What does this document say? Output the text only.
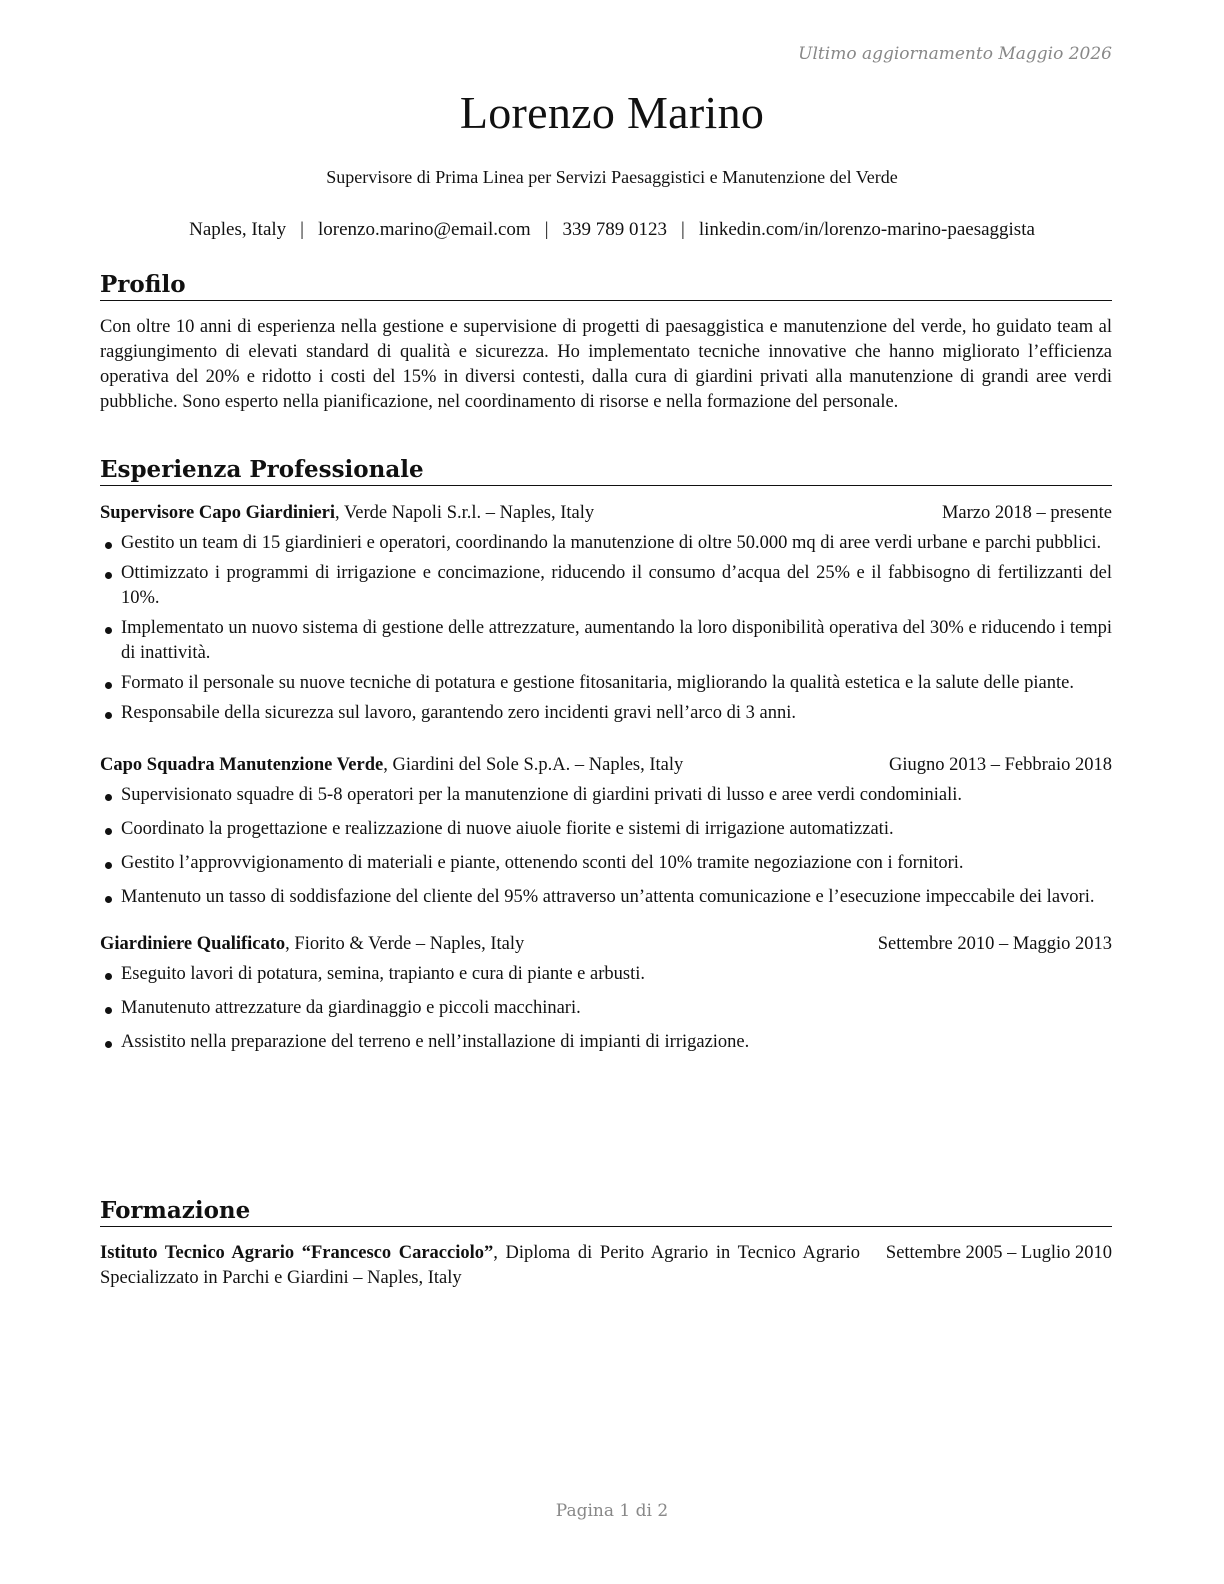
Ultimo aggiornamento Maggio 2026
Lorenzo Marino
Supervisore di Prima Linea per Servizi Paesaggistici e Manutenzione del Verde
Naples, Italy | lorenzo.marino@email.com | 339 789 0123 | linkedin.com/in/lorenzo-marino-paesaggista
Profilo

Con oltre 10 anni di esperienza nella gestione e supervisione di progetti di paesaggistica e manutenzione del verde, ho guidato team al raggiungimento di elevati standard di qualità e sicurezza. Ho implementato tecniche innovative che hanno migliorato l’efficienza operativa del 20% e ridotto i costi del 15% in diversi contesti, dalla cura di giardini privati alla manutenzione di grandi aree verdi pubbliche. Sono esperto nella pianificazione, nel coordinamento di risorse e nella formazione del personale.

Esperienza Professionale
Supervisore Capo Giardinieri, Verde Napoli S.r.l. – Naples, Italy	Marzo 2018 – presente
Gestito un team di 15 giardinieri e operatori, coordinando la manutenzione di oltre 50.000 mq di aree verdi urbane e parchi pubblici.
Ottimizzato i programmi di irrigazione e concimazione, riducendo il consumo d’acqua del 25% e il fabbisogno di fertilizzanti del 10%.
Implementato un nuovo sistema di gestione delle attrezzature, aumentando la loro disponibilità operativa del 30% e riducendo i tempi di inattività.
Formato il personale su nuove tecniche di potatura e gestione fitosanitaria, migliorando la qualità estetica e la salute delle piante.
Responsabile della sicurezza sul lavoro, garantendo zero incidenti gravi nell’arco di 3 anni.
Capo Squadra Manutenzione Verde, Giardini del Sole S.p.A. – Naples, Italy	Giugno 2013 – Febbraio 2018
Supervisionato squadre di 5-8 operatori per la manutenzione di giardini privati di lusso e aree verdi condominiali.
Coordinato la progettazione e realizzazione di nuove aiuole fiorite e sistemi di irrigazione automatizzati.
Gestito l’approvvigionamento di materiali e piante, ottenendo sconti del 10% tramite negoziazione con i fornitori.
Mantenuto un tasso di soddisfazione del cliente del 95% attraverso un’attenta comunicazione e l’esecuzione impeccabile dei lavori.
Giardiniere Qualificato, Fiorito & Verde – Naples, Italy	Settembre 2010 – Maggio 2013
Eseguito lavori di potatura, semina, trapianto e cura di piante e arbusti.
Manutenuto attrezzature da giardinaggio e piccoli macchinari.
Assistito nella preparazione del terreno e nell’installazione di impianti di irrigazione.
Formazione
Istituto Tecnico Agrario “Francesco Caracciolo”, Diploma di Perito Agrario in Tecnico Agrario Specializzato in Parchi e Giardini – Naples, Italy
Settembre 2005 – Luglio 2010
Pagina 1 di 2
